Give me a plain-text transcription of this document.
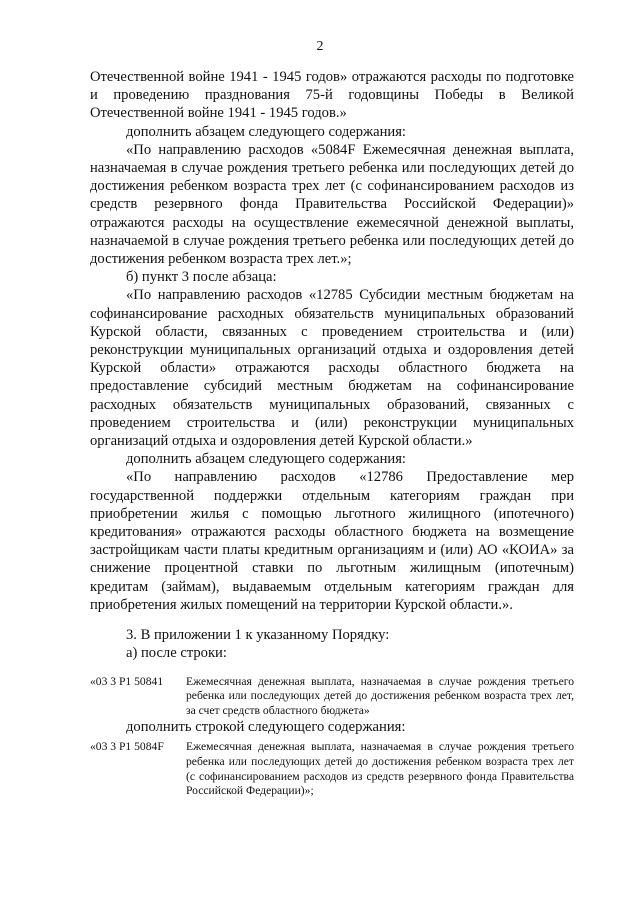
2

Отечественной войне 1941 - 1945 годов» отражаются расходы по подготовке и проведению празднования 75-й годовщины Победы в Великой Отечественной войне 1941 - 1945 годов.»

дополнить абзацем следующего содержания:

«По направлению расходов «5084F Ежемесячная денежная выплата, назначаемая в случае рождения третьего ребенка или последующих детей до достижения ребенком возраста трех лет (с софинансированием расходов из средств резервного фонда Правительства Российской Федерации)» отражаются расходы на осуществление ежемесячной денежной выплаты, назначаемой в случае рождения третьего ребенка или последующих детей до достижения ребенком возраста трех лет.»;

б) пункт 3 после абзаца:

«По направлению расходов «12785 Субсидии местным бюджетам на софинансирование расходных обязательств муниципальных образований Курской области, связанных с проведением строительства и (или) реконструкции муниципальных организаций отдыха и оздоровления детей Курской области» отражаются расходы областного бюджета на предоставление субсидий местным бюджетам на софинансирование расходных обязательств муниципальных образований, связанных с проведением строительства и (или) реконструкции муниципальных организаций отдыха и оздоровления детей Курской области.»

дополнить абзацем следующего содержания:

«По направлению расходов «12786 Предоставление мер государственной поддержки отдельным категориям граждан при приобретении жилья с помощью льготного жилищного (ипотечного) кредитования» отражаются расходы областного бюджета на возмещение застройщикам части платы кредитным организациям и (или) АО «КОИА» за снижение процентной ставки по льготным жилищным (ипотечным) кредитам (займам), выдаваемым отдельным категориям граждан для приобретения жилых помещений на территории Курской области.».

3. В приложении 1 к указанному Порядку:

а) после строки:

«03 3 P1 50841	Ежемесячная денежная выплата, назначаемая в случае рождения третьего ребенка или последующих детей до достижения ребенком возраста трех лет, за счет средств областного бюджета»

дополнить строкой следующего содержания:

«03 3 P1 5084F	Ежемесячная денежная выплата, назначаемая в случае рождения третьего ребенка или последующих детей до достижения ребенком возраста трех лет (с софинансированием расходов из средств резервного фонда Правительства Российской Федерации)»;
